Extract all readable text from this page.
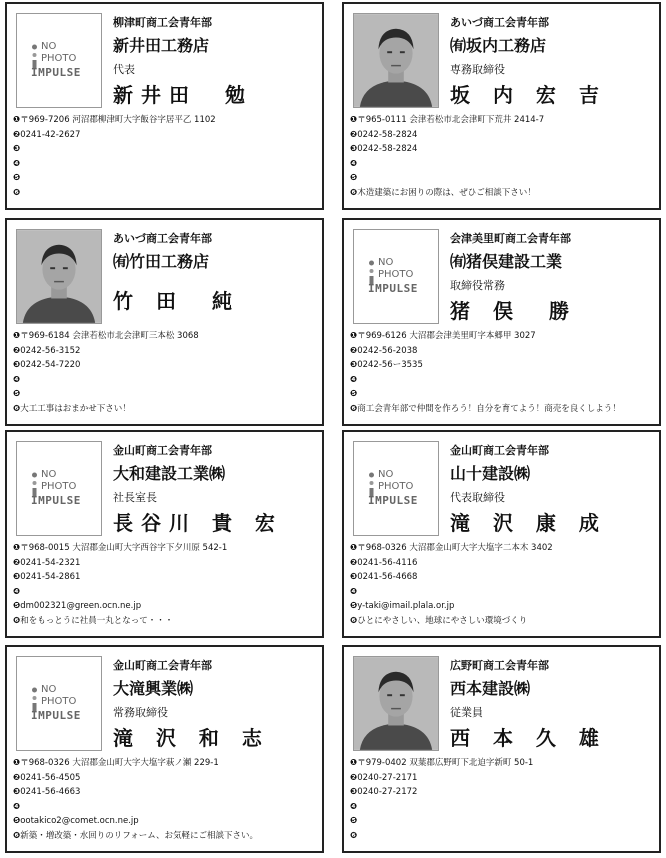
NO
PHOTO
IMPULSE
柳津町商工会青年部
新井田工務店
代表
新井田　勉
❶〒969-7206 河沼郡柳津町大字飯谷字居平乙 1102
❷0241-42-2627
❸
❹
❺
❻
あいづ商工会青年部
㈲坂内工務店
専務取締役
坂 内 宏 吉
❶〒965-0111 会津若松市北会津町下荒井 2414-7
❷0242-58-2824
❸0242-58-2824
❹
❺
❻木造建築にお困りの際は、ぜひご相談下さい！
あいづ商工会青年部
㈲竹田工務店
竹 田　純
❶〒969-6184 会津若松市北会津町三本松 3068
❷0242-56-3152
❸0242-54-7220
❹
❺
❻大工工事はおまかせ下さい！
NO
PHOTO
IMPULSE
会津美里町商工会青年部
㈲猪俣建設工業
取締役常務
猪 俣　勝
❶〒969-6126 大沼郡会津美里町字本郷甲 3027
❷0242-56-2038
❸0242-56ー3535
❹
❺
❻商工会青年部で仲間を作ろう！自分を育てよう！商売を良くしよう！
NO
PHOTO
IMPULSE
金山町商工会青年部
大和建設工業㈱
社長室長
長谷川 貴 宏
❶〒968-0015 大沼郡金山町大字西谷字下夕川原 542-1
❷0241-54-2321
❸0241-54-2861
❹
❺dm002321@green.ocn.ne.jp
❻和をもっとうに社員一丸となって・・・
NO
PHOTO
IMPULSE
金山町商工会青年部
山十建設㈱
代表取締役
滝 沢 康 成
❶〒968-0326 大沼郡金山町大字大塩字二本木 3402
❷0241-56-4116
❸0241-56-4668
❹
❺y-taki@imail.plala.or.jp
❻ひとにやさしい、地球にやさしい環境づくり
NO
PHOTO
IMPULSE
金山町商工会青年部
大滝興業㈱
常務取締役
滝 沢 和 志
❶〒968-0326 大沼郡金山町大字大塩字萩ノ瀬 229-1
❷0241-56-4505
❸0241-56-4663
❹
❺ootakico2@comet.ocn.ne.jp
❻新築・増改築・水回りのリフォーム、お気軽にご相談下さい。
広野町商工会青年部
西本建設㈱
従業員
西 本 久 雄
❶〒979-0402 双葉郡広野町下北迫字新町 50-1
❷0240-27-2171
❸0240-27-2172
❹
❺
❻
